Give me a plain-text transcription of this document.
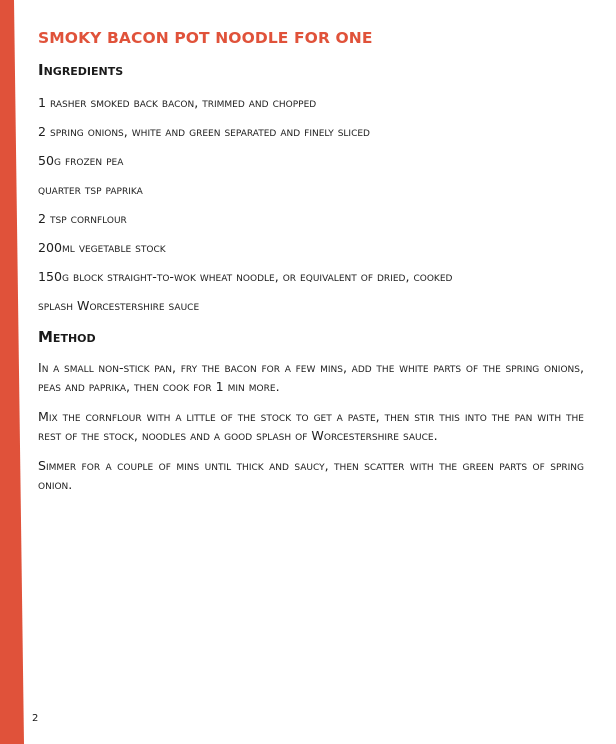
SMOKY BACON POT NOODLE FOR ONE
Ingredients
1 rasher smoked back bacon, trimmed and chopped
2 spring onions, white and green separated and finely sliced
50g frozen pea
quarter tsp paprika
2 tsp cornflour
200ml vegetable stock
150g block straight-to-wok wheat noodle, or equivalent of dried, cooked
splash Worcestershire sauce
Method

In a small non-stick pan, fry the bacon for a few mins, add the white parts of the spring onions, peas and paprika, then cook for 1 min more.

Mix the cornflour with a little of the stock to get a paste, then stir this into the pan with the rest of the stock, noodles and a good splash of Worcestershire sauce.

Simmer for a couple of mins until thick and saucy, then scatter with the green parts of spring onion.

2
